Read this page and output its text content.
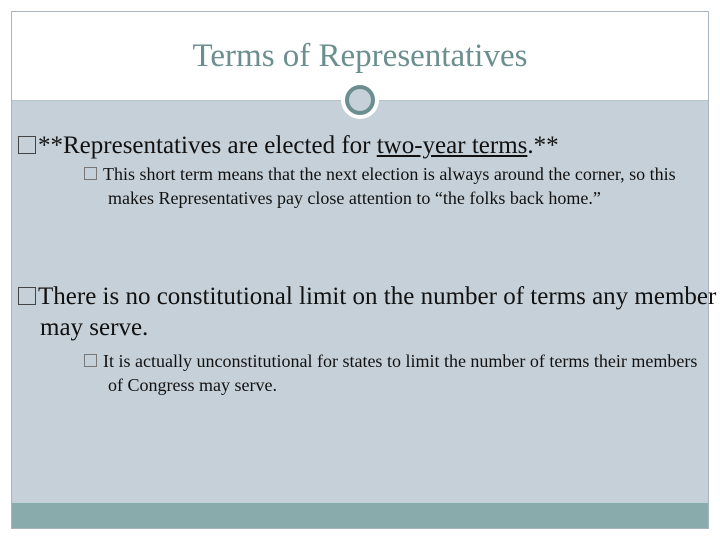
Terms of Representatives
**Representatives are elected for two-year terms.**
This short term means that the next election is always around the corner, so this makes Representatives pay close attention to “the folks back home.”
There is no constitutional limit on the number of terms any member may serve.
It is actually unconstitutional for states to limit the number of terms their members of Congress may serve.
